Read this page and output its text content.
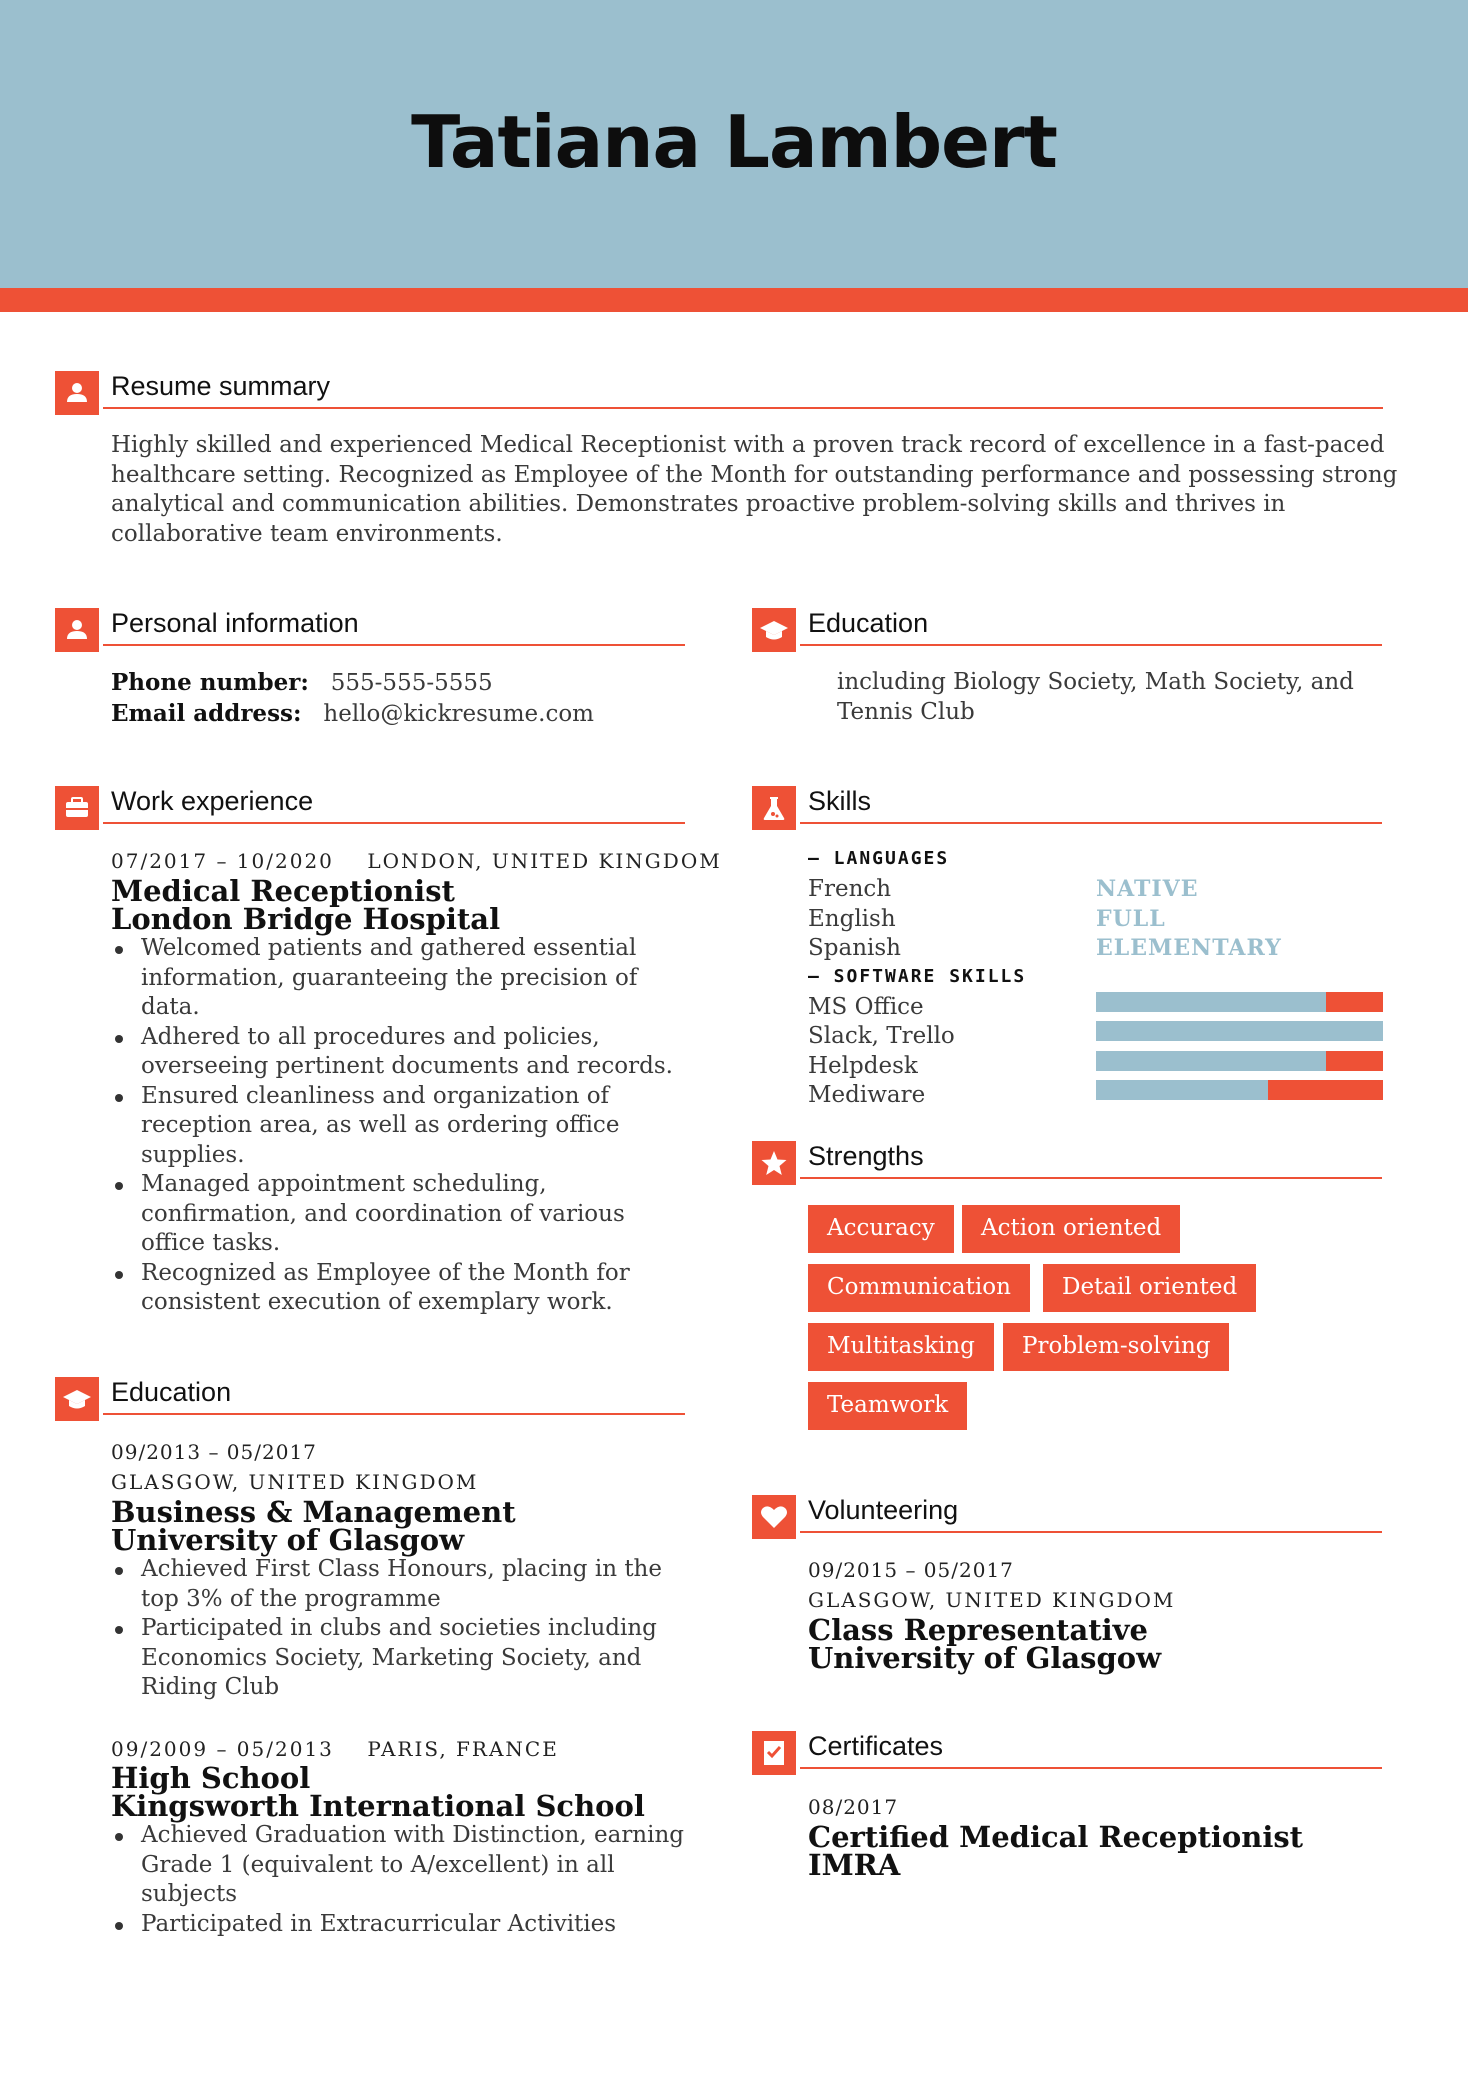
Tatiana Lambert
Resume summary
Highly skilled and experienced Medical Receptionist with a proven track record of excellence in a fast-paced
healthcare setting. Recognized as Employee of the Month for outstanding performance and possessing strong
analytical and communication abilities. Demonstrates proactive problem-solving skills and thrives in
collaborative team environments.
Personal information
Phone number: 555-555-5555
Email address: hello@kickresume.com
Work experience
07/2017 – 10/2020 LONDON, UNITED KINGDOM
Medical Receptionist
London Bridge Hospital
Welcomed patients and gathered essential information, guaranteeing the precision of data.
Adhered to all procedures and policies, overseeing pertinent documents and records.
Ensured cleanliness and organization of reception area, as well as ordering office supplies.
Managed appointment scheduling, confirmation, and coordination of various office tasks.
Recognized as Employee of the Month for consistent execution of exemplary work.
Education
09/2013 – 05/2017
GLASGOW, UNITED KINGDOM
Business & Management
University of Glasgow
Achieved First Class Honours, placing in the top 3% of the programme
Participated in clubs and societies including Economics Society, Marketing Society, and Riding Club
09/2009 – 05/2013 PARIS, FRANCE
High School
Kingsworth International School
Achieved Graduation with Distinction, earning Grade 1 (equivalent to A/excellent) in all subjects
Participated in Extracurricular Activities
Education
including Biology Society, Math Society, and
Tennis Club
Skills
– LANGUAGES
French	NATIVE
English	FULL
Spanish	ELEMENTARY
– SOFTWARE SKILLS
MS Office
Slack, Trello
Helpdesk
Mediware
Strengths
Accuracy	Action oriented
Communication	Detail oriented
Multitasking	Problem-solving
Teamwork
Volunteering
09/2015 – 05/2017
GLASGOW, UNITED KINGDOM
Class Representative
University of Glasgow
Certificates
08/2017
Certified Medical Receptionist
IMRA
